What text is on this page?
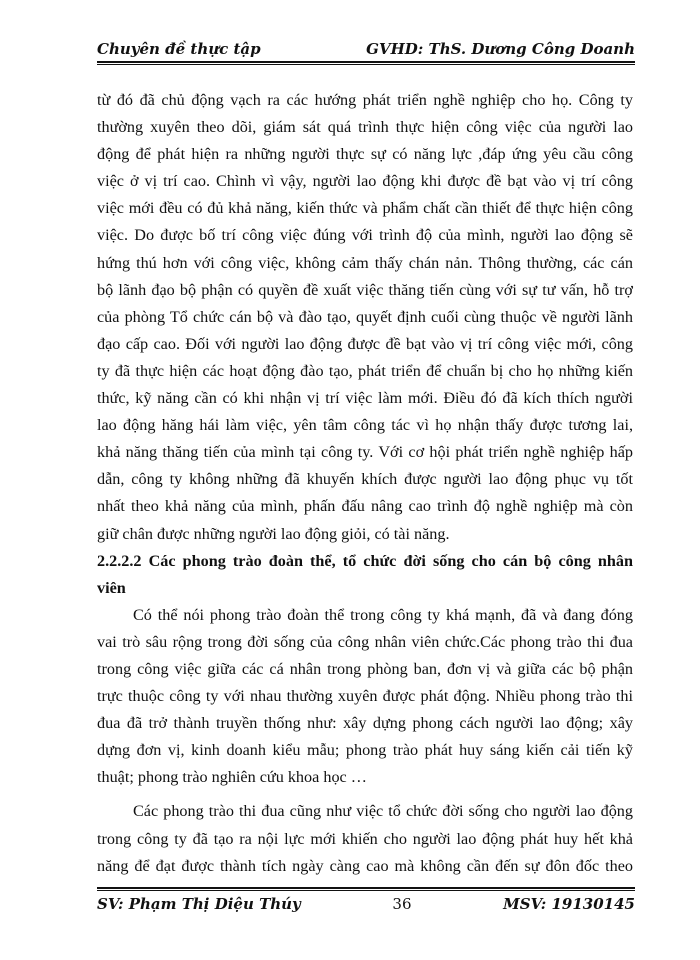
Chuyên đề thực tập	GVHD: ThS. Dương Công Doanh
từ đó đã chủ động vạch ra các hướng phát triển nghề nghiệp cho họ. Công ty
thường xuyên theo dõi, giám sát quá trình thực hiện công việc của người lao
động để phát hiện ra những người thực sự có năng lực ,đáp ứng yêu cầu công
việc ở vị trí cao. Chình vì vậy, người lao động khi được đề bạt vào vị trí công
việc mới đều có đủ khả năng, kiến thức và phẩm chất cần thiết để thực hiện công
việc. Do được bố trí công việc đúng với trình độ của mình, người lao động sẽ
hứng thú hơn với công việc, không cảm thấy chán nản. Thông thường, các cán
bộ lãnh đạo bộ phận có quyền đề xuất việc thăng tiến cùng với sự tư vấn, hỗ trợ
của phòng Tổ chức cán bộ và đào tạo, quyết định cuối cùng thuộc về người lãnh
đạo cấp cao. Đối với người lao động được đề bạt vào vị trí công việc mới, công
ty đã thực hiện các hoạt động đào tạo, phát triển để chuẩn bị cho họ những kiến
thức, kỹ năng cần có khi nhận vị trí việc làm mới. Điều đó đã kích thích người
lao động hăng hái làm việc, yên tâm công tác vì họ nhận thấy được tương lai,
khả năng thăng tiến của mình tại công ty. Với cơ hội phát triển nghề nghiệp hấp
dẫn, công ty không những đã khuyến khích được người lao động phục vụ tốt
nhất theo khả năng của mình, phấn đấu nâng cao trình độ nghề nghiệp mà còn
giữ chân được những người lao động giỏi, có tài năng.
2.2.2.2 Các phong trào đoàn thể, tổ chức đời sống cho cán bộ công nhân
viên
Có thể nói phong trào đoàn thể trong công ty khá mạnh, đã và đang đóng
vai trò sâu rộng trong đời sống của công nhân viên chức.Các phong trào thi đua
trong công việc giữa các cá nhân trong phòng ban, đơn vị và giữa các bộ phận
trực thuộc công ty với nhau thường xuyên được phát động. Nhiều phong trào thi
đua đã trở thành truyền thống như: xây dựng phong cách người lao động; xây
dựng đơn vị, kinh doanh kiểu mẫu; phong trào phát huy sáng kiến cải tiến kỹ
thuật; phong trào nghiên cứu khoa học …
Các phong trào thi đua cũng như việc tổ chức đời sống cho người lao động
trong công ty đã tạo ra nội lực mới khiến cho người lao động phát huy hết khả
năng để đạt được thành tích ngày càng cao mà không cần đến sự đôn đốc theo
SV: Phạm Thị Diệu Thúy	36	MSV: 19130145
